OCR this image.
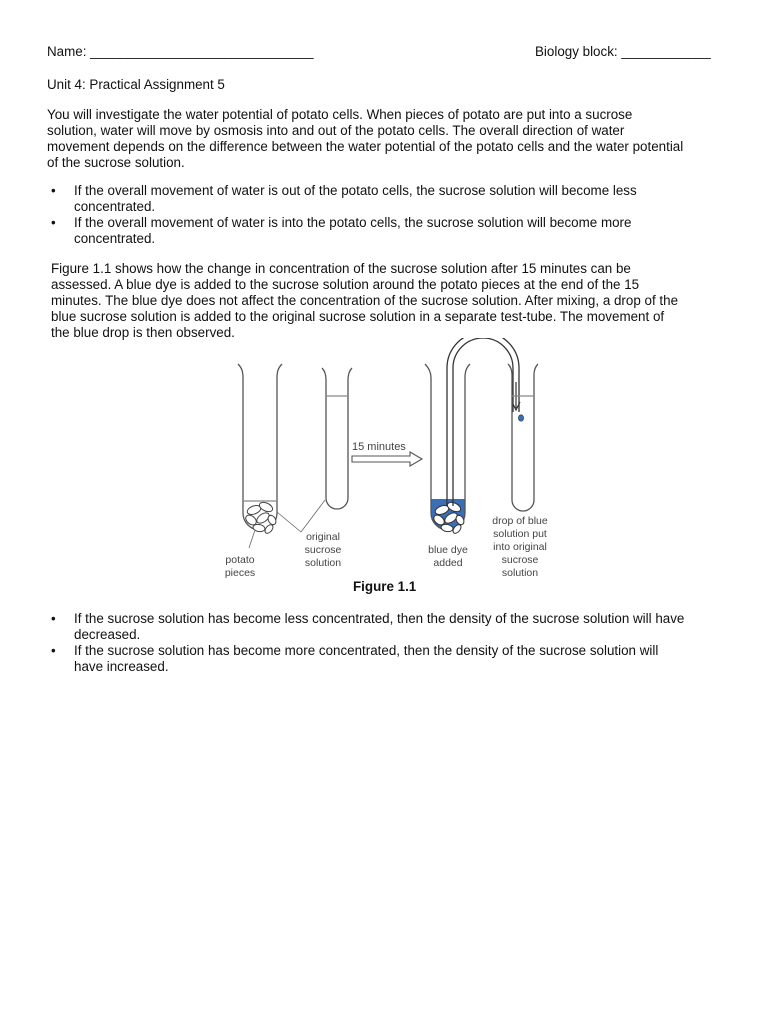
Name: ______________________________	Biology block: ____________
Unit 4: Practical Assignment 5
You will investigate the water potential of potato cells. When pieces of potato are put into a sucrose
solution, water will move by osmosis into and out of the potato cells. The overall direction of water
movement depends on the difference between the water potential of the potato cells and the water potential
of the sucrose solution.
• If the overall movement of water is out of the potato cells, the sucrose solution will become less
concentrated.
• If the overall movement of water is into the potato cells, the sucrose solution will become more
concentrated.
Figure 1.1 shows how the change in concentration of the sucrose solution after 15 minutes can be
assessed. A blue dye is added to the sucrose solution around the potato pieces at the end of the 15
minutes. The blue dye does not affect the concentration of the sucrose solution. After mixing, a drop of the
blue sucrose solution is added to the original sucrose solution in a separate test-tube. The movement of
the blue drop is then observed.
15 minutes
potato
pieces
original
sucrose
solution
blue dye
added
drop of blue
solution put
into original
sucrose
solution
Figure 1.1
• If the sucrose solution has become less concentrated, then the density of the sucrose solution will have
decreased.
• If the sucrose solution has become more concentrated, then the density of the sucrose solution will
have increased.
